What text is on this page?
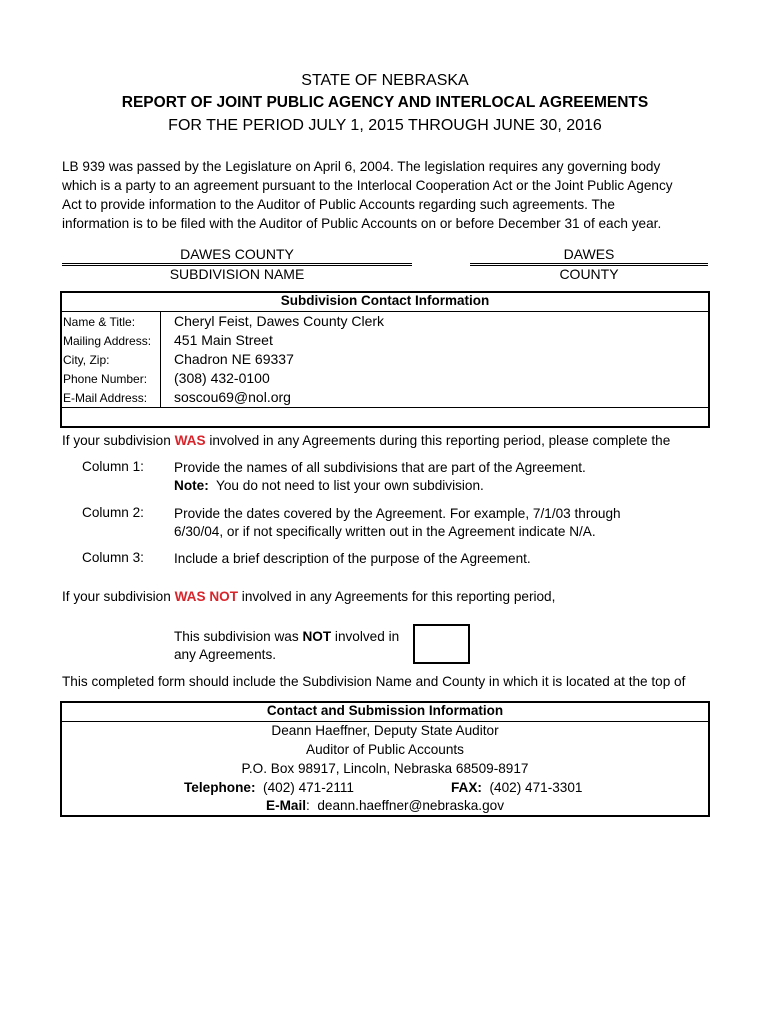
STATE OF NEBRASKA
REPORT OF JOINT PUBLIC AGENCY AND INTERLOCAL AGREEMENTS
FOR THE PERIOD JULY 1, 2015 THROUGH JUNE 30, 2016
LB 939 was passed by the Legislature on April 6, 2004. The legislation requires any governing body
which is a party to an agreement pursuant to the Interlocal Cooperation Act or the Joint Public Agency
Act to provide information to the Auditor of Public Accounts regarding such agreements. The
information is to be filed with the Auditor of Public Accounts on or before December 31 of each year.
DAWES COUNTY
SUBDIVISION NAME
DAWES
COUNTY
Subdivision Contact Information
Name & Title:	Cheryl Feist, Dawes County Clerk
Mailing Address: 451 Main Street
City, Zip:	Chadron NE 69337
Phone Number: (308) 432-0100
E-Mail Address: soscou69@nol.org
If your subdivision WAS involved in any Agreements during this reporting period, please complete the
Column 1: Provide the names of all subdivisions that are part of the Agreement.
Note:  You do not need to list your own subdivision.
Column 2: Provide the dates covered by the Agreement. For example, 7/1/03 through
6/30/04, or if not specifically written out in the Agreement indicate N/A.
Column 3: Include a brief description of the purpose of the Agreement.
If your subdivision WAS NOT involved in any Agreements for this reporting period,
This subdivision was NOT involved in
any Agreements.
This completed form should include the Subdivision Name and County in which it is located at the top of
Contact and Submission Information
Deann Haeffner, Deputy State Auditor
Auditor of Public Accounts
P.O. Box 98917, Lincoln, Nebraska 68509-8917
Telephone:  (402) 471-2111	FAX:  (402) 471-3301
E-Mail:  deann.haeffner@nebraska.gov
